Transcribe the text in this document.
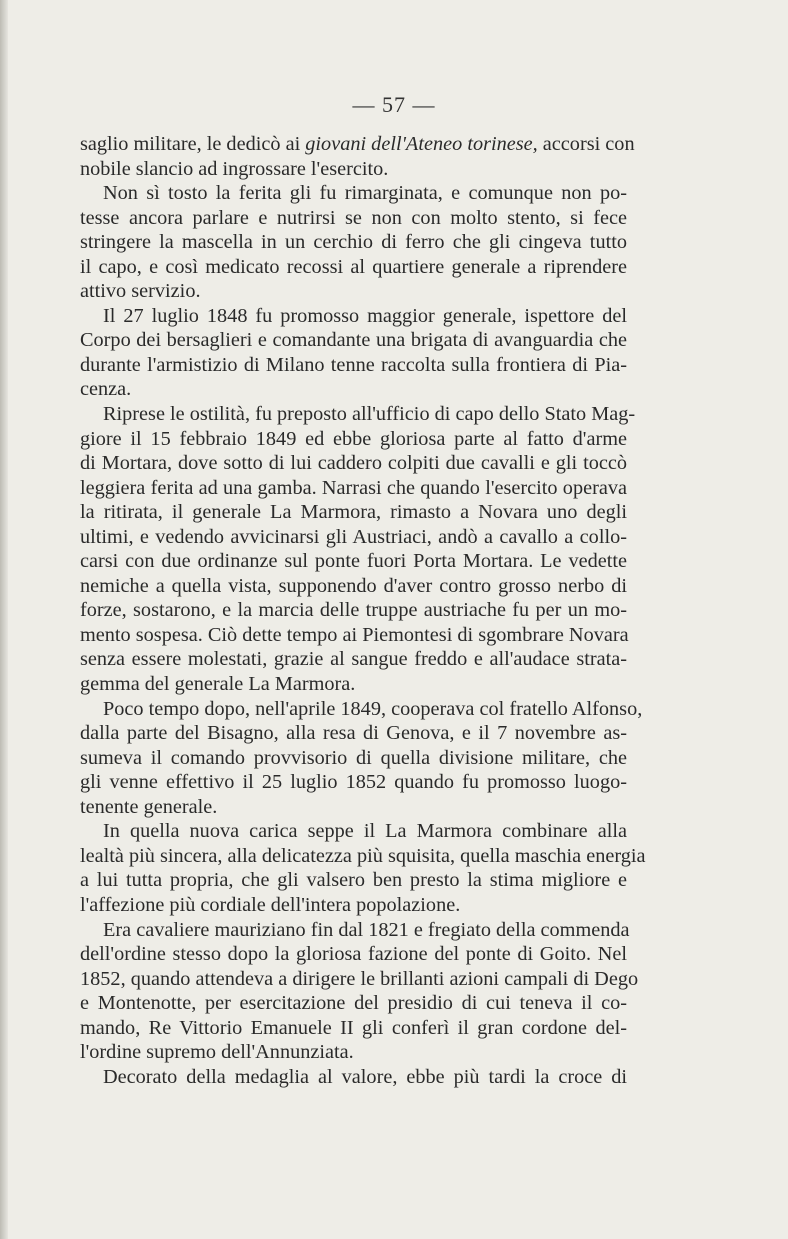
— 57 —
saglio militare, le dedicò ai giovani dell'Ateneo torinese, accorsi con
nobile slancio ad ingrossare l'esercito.
Non sì tosto la ferita gli fu rimarginata, e comunque non po-
tesse ancora parlare e nutrirsi se non con molto stento, si fece
stringere la mascella in un cerchio di ferro che gli cingeva tutto
il capo, e così medicato recossi al quartiere generale a riprendere
attivo servizio.
Il 27 luglio 1848 fu promosso maggior generale, ispettore del
Corpo dei bersaglieri e comandante una brigata di avanguardia che
durante l'armistizio di Milano tenne raccolta sulla frontiera di Pia-
cenza.
Riprese le ostilità, fu preposto all'ufficio di capo dello Stato Mag-
giore il 15 febbraio 1849 ed ebbe gloriosa parte al fatto d'arme
di Mortara, dove sotto di lui caddero colpiti due cavalli e gli toccò
leggiera ferita ad una gamba. Narrasi che quando l'esercito operava
la ritirata, il generale La Marmora, rimasto a Novara uno degli
ultimi, e vedendo avvicinarsi gli Austriaci, andò a cavallo a collo-
carsi con due ordinanze sul ponte fuori Porta Mortara. Le vedette
nemiche a quella vista, supponendo d'aver contro grosso nerbo di
forze, sostarono, e la marcia delle truppe austriache fu per un mo-
mento sospesa. Ciò dette tempo ai Piemontesi di sgombrare Novara
senza essere molestati, grazie al sangue freddo e all'audace strata-
gemma del generale La Marmora.
Poco tempo dopo, nell'aprile 1849, cooperava col fratello Alfonso,
dalla parte del Bisagno, alla resa di Genova, e il 7 novembre as-
sumeva il comando provvisorio di quella divisione militare, che
gli venne effettivo il 25 luglio 1852 quando fu promosso luogo-
tenente generale.
In quella nuova carica seppe il La Marmora combinare alla
lealtà più sincera, alla delicatezza più squisita, quella maschia energia
a lui tutta propria, che gli valsero ben presto la stima migliore e
l'affezione più cordiale dell'intera popolazione.
Era cavaliere mauriziano fin dal 1821 e fregiato della commenda
dell'ordine stesso dopo la gloriosa fazione del ponte di Goito. Nel
1852, quando attendeva a dirigere le brillanti azioni campali di Dego
e Montenotte, per esercitazione del presidio di cui teneva il co-
mando, Re Vittorio Emanuele II gli conferì il gran cordone del-
l'ordine supremo dell'Annunziata.
Decorato della medaglia al valore, ebbe più tardi la croce di
